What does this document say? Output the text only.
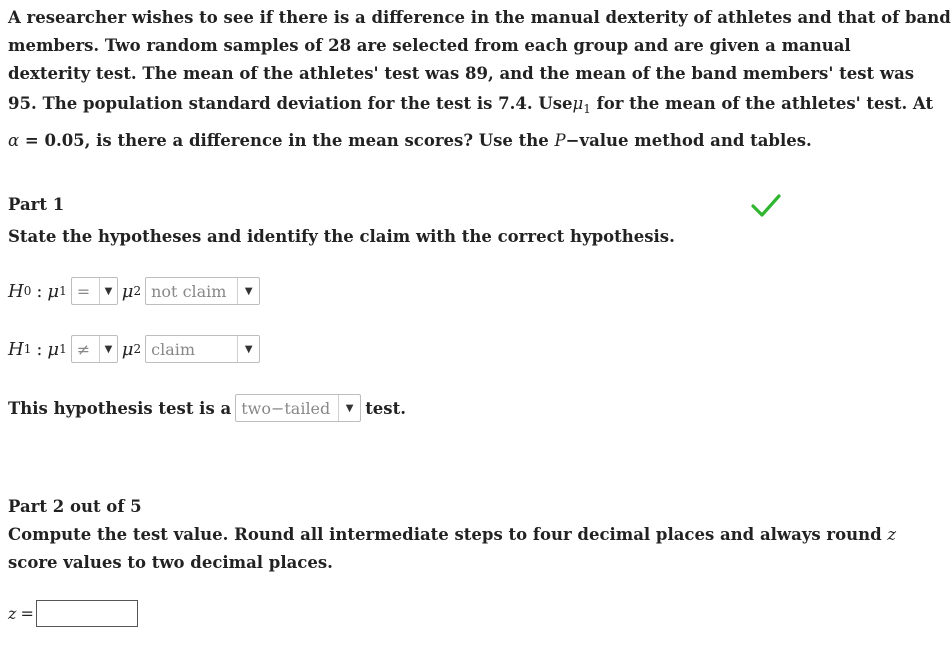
A researcher wishes to see if there is a difference in the manual dexterity of athletes and that of band
members. Two random samples of 28 are selected from each group and are given a manual
dexterity test. The mean of the athletes' test was 89, and the mean of the band members' test was
95. The population standard deviation for the test is 7.4. Useμ$_1$ for the mean of the athletes' test. At
α = 0.05, is there a difference in the mean scores? Use the P−value method and tables.
Part 1
State the hypotheses and identify the claim with the correct hypothesis.
H 0 : μ 1 =	▼ μ 2 not claim	▼
H 1 : μ 1 ≠	▼ μ 2 claim	▼
This hypothesis test is a two−tailed	▼ test.
Part 2 out of 5
Compute the test value. Round all intermediate steps to four decimal places and always round z
score values to two decimal places.
z =
